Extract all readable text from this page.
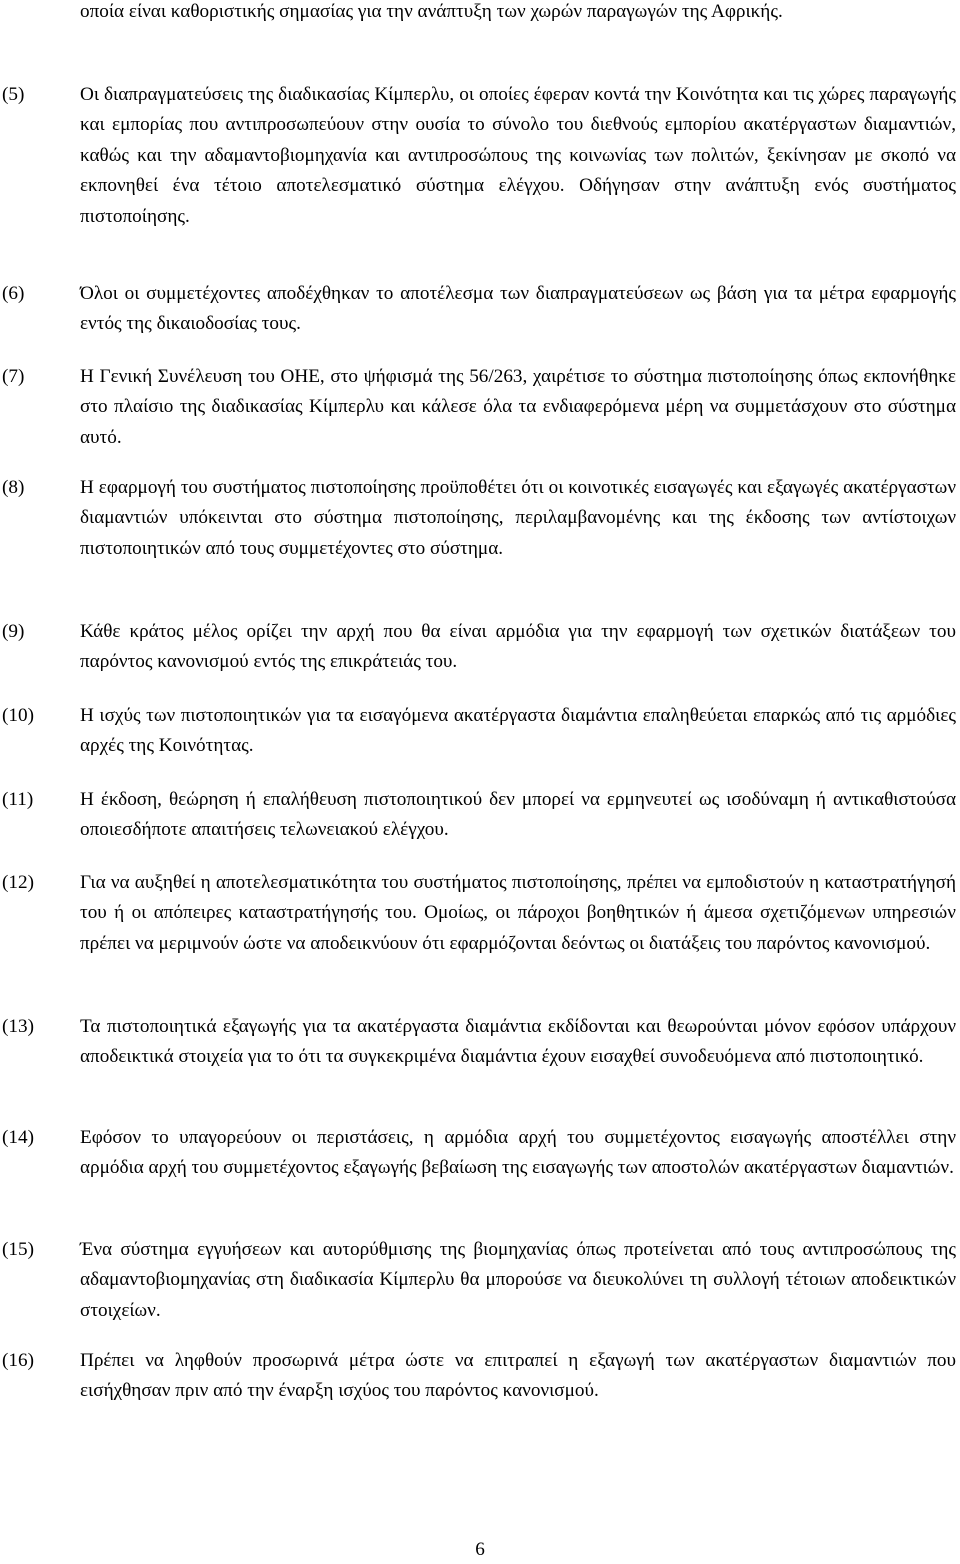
οποία είναι καθοριστικής σημασίας για την ανάπτυξη των χωρών παραγωγών της Αφρικής.
(5)	Οι διαπραγματεύσεις της διαδικασίας Κίμπερλυ, οι οποίες έφεραν κοντά την Κοινότητα και τις χώρες παραγωγής και εμπορίας που αντιπροσωπεύουν στην ουσία το σύνολο του διεθνούς εμπορίου ακατέργαστων διαμαντιών, καθώς και την αδαμαντοβιομηχανία και αντιπροσώπους της κοινωνίας των πολιτών, ξεκίνησαν με σκοπό να εκπονηθεί ένα τέτοιο αποτελεσματικό σύστημα ελέγχου. Οδήγησαν στην ανάπτυξη ενός συστήματος πιστοποίησης.
(6)	Όλοι οι συμμετέχοντες αποδέχθηκαν το αποτέλεσμα των διαπραγματεύσεων ως βάση για τα μέτρα εφαρμογής εντός της δικαιοδοσίας τους.
(7)	Η Γενική Συνέλευση του ΟΗΕ, στο ψήφισμά της 56/263, χαιρέτισε το σύστημα πιστοποίησης όπως εκπονήθηκε στο πλαίσιο της διαδικασίας Κίμπερλυ και κάλεσε όλα τα ενδιαφερόμενα μέρη να συμμετάσχουν στο σύστημα αυτό.
(8)	Η εφαρμογή του συστήματος πιστοποίησης προϋποθέτει ότι οι κοινοτικές εισαγωγές και εξαγωγές ακατέργαστων διαμαντιών υπόκεινται στο σύστημα πιστοποίησης, περιλαμβανομένης και της έκδοσης των αντίστοιχων πιστοποιητικών από τους συμμετέχοντες στο σύστημα.
(9)	Κάθε κράτος μέλος ορίζει την αρχή που θα είναι αρμόδια για την εφαρμογή των σχετικών διατάξεων του παρόντος κανονισμού εντός της επικράτειάς του.
(10) Η ισχύς των πιστοποιητικών για τα εισαγόμενα ακατέργαστα διαμάντια επαληθεύεται επαρκώς από τις αρμόδιες αρχές της Κοινότητας.
(11) Η έκδοση, θεώρηση ή επαλήθευση πιστοποιητικού δεν μπορεί να ερμηνευτεί ως ισοδύναμη ή αντικαθιστούσα οποιεσδήποτε απαιτήσεις τελωνειακού ελέγχου.
(12) Για να αυξηθεί η αποτελεσματικότητα του συστήματος πιστοποίησης, πρέπει να εμποδιστούν η καταστρατήγησή του ή οι απόπειρες καταστρατήγησής του. Ομοίως, οι πάροχοι βοηθητικών ή άμεσα σχετιζόμενων υπηρεσιών πρέπει να μεριμνούν ώστε να αποδεικνύουν ότι εφαρμόζονται δεόντως οι διατάξεις του παρόντος κανονισμού.
(13) Τα πιστοποιητικά εξαγωγής για τα ακατέργαστα διαμάντια εκδίδονται και θεωρούνται μόνον εφόσον υπάρχουν αποδεικτικά στοιχεία για το ότι τα συγκεκριμένα διαμάντια έχουν εισαχθεί συνοδευόμενα από πιστοποιητικό.
(14) Εφόσον το υπαγορεύουν οι περιστάσεις, η αρμόδια αρχή του συμμετέχοντος εισαγωγής αποστέλλει στην αρμόδια αρχή του συμμετέχοντος εξαγωγής βεβαίωση της εισαγωγής των αποστολών ακατέργαστων διαμαντιών.
(15) Ένα σύστημα εγγυήσεων και αυτορύθμισης της βιομηχανίας όπως προτείνεται από τους αντιπροσώπους της αδαμαντοβιομηχανίας στη διαδικασία Κίμπερλυ θα μπορούσε να διευκολύνει τη συλλογή τέτοιων αποδεικτικών στοιχείων.
(16) Πρέπει να ληφθούν προσωρινά μέτρα ώστε να επιτραπεί η εξαγωγή των ακατέργαστων διαμαντιών που εισήχθησαν πριν από την έναρξη ισχύος του παρόντος κανονισμού.
6
